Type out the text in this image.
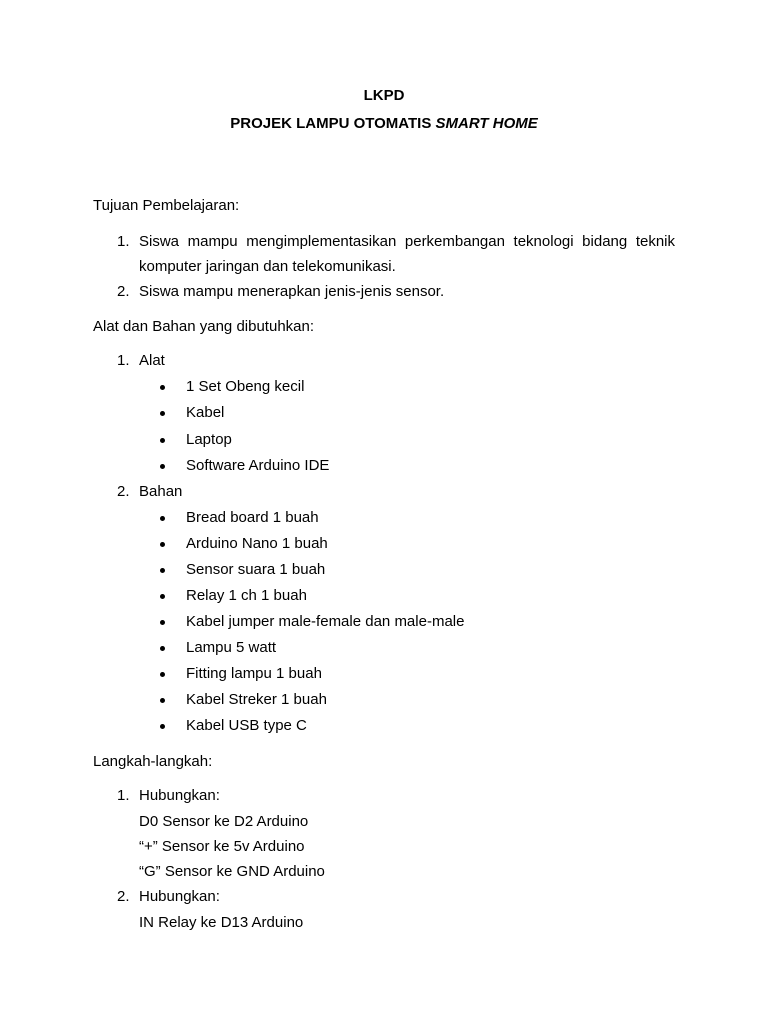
LKPD
PROJEK LAMPU OTOMATIS SMART HOME
Tujuan Pembelajaran:
1. Siswa mampu mengimplementasikan perkembangan teknologi bidang teknik
komputer jaringan dan telekomunikasi.
2. Siswa mampu menerapkan jenis-jenis sensor.
Alat dan Bahan yang dibutuhkan:
1. Alat
1 Set Obeng kecil
Kabel
Laptop
Software Arduino IDE
2. Bahan
Bread board 1 buah
Arduino Nano 1 buah
Sensor suara 1 buah
Relay 1 ch 1 buah
Kabel jumper male-female dan male-male
Lampu 5 watt
Fitting lampu 1 buah
Kabel Streker 1 buah
Kabel USB type C
Langkah-langkah:
1. Hubungkan:
D0 Sensor ke D2 Arduino
“+” Sensor ke 5v Arduino
“G” Sensor ke GND Arduino
2. Hubungkan:
IN Relay ke D13 Arduino
